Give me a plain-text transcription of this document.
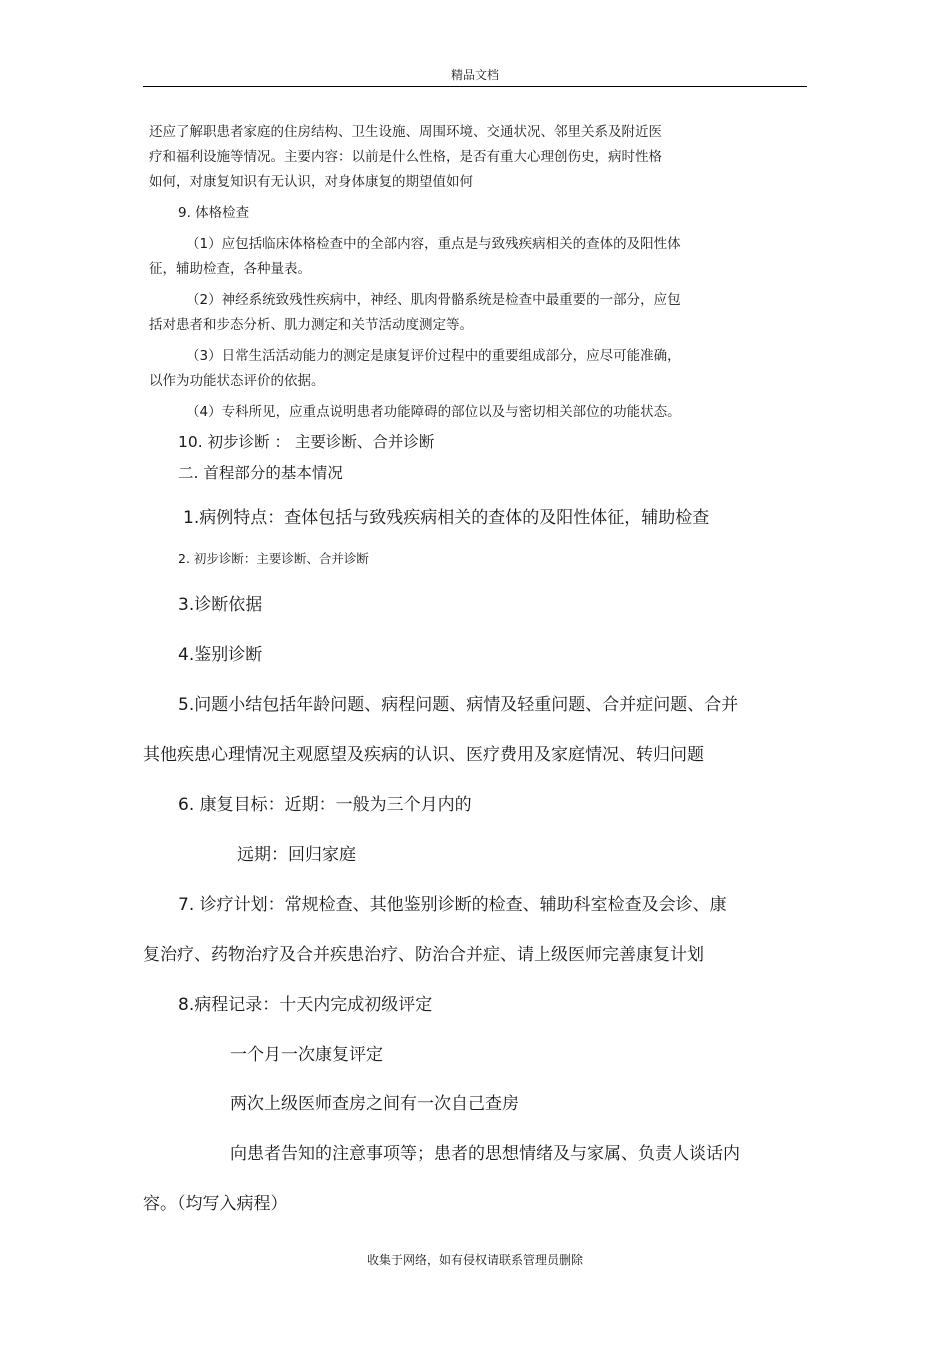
精品文档
还应了解职患者家庭的住房结构、卫生设施、周围环境、交通状况、邻里关系及附近医
疗和福利设施等情况。主要内容：以前是什么性格，是否有重大心理创伤史，病时性格
如何，对康复知识有无认识，对身体康复的期望值如何
9. 体格检查
（1）应包括临床体格检查中的全部内容，重点是与致残疾病相关的查体的及阳性体
征，辅助检查，各种量表。
（2）神经系统致残性疾病中，神经、肌肉骨骼系统是检查中最重要的一部分，应包
括对患者和步态分析、肌力测定和关节活动度测定等。
（3）日常生活活动能力的测定是康复评价过程中的重要组成部分，应尽可能准确，
以作为功能状态评价的依据。
（4）专科所见，应重点说明患者功能障碍的部位以及与密切相关部位的功能状态。
10. 初步诊断 ： 主要诊断、合并诊断
二. 首程部分的基本情况
1.病例特点：查体包括与致残疾病相关的查体的及阳性体征，辅助检查
2. 初步诊断：主要诊断、合并诊断
3.诊断依据
4.鉴别诊断
5.问题小结包括年龄问题、病程问题、病情及轻重问题、合并症问题、合并
其他疾患心理情况主观愿望及疾病的认识、医疗费用及家庭情况、转归问题
6. 康复目标：近期：一般为三个月内的
远期：回归家庭
7. 诊疗计划：常规检查、其他鉴别诊断的检查、辅助科室检查及会诊、康
复治疗、药物治疗及合并疾患治疗、防治合并症、请上级医师完善康复计划
8.病程记录：十天内完成初级评定
一个月一次康复评定
两次上级医师查房之间有一次自己查房
向患者告知的注意事项等；患者的思想情绪及与家属、负责人谈话内
容。（均写入病程）
收集于网络，如有侵权请联系管理员删除
